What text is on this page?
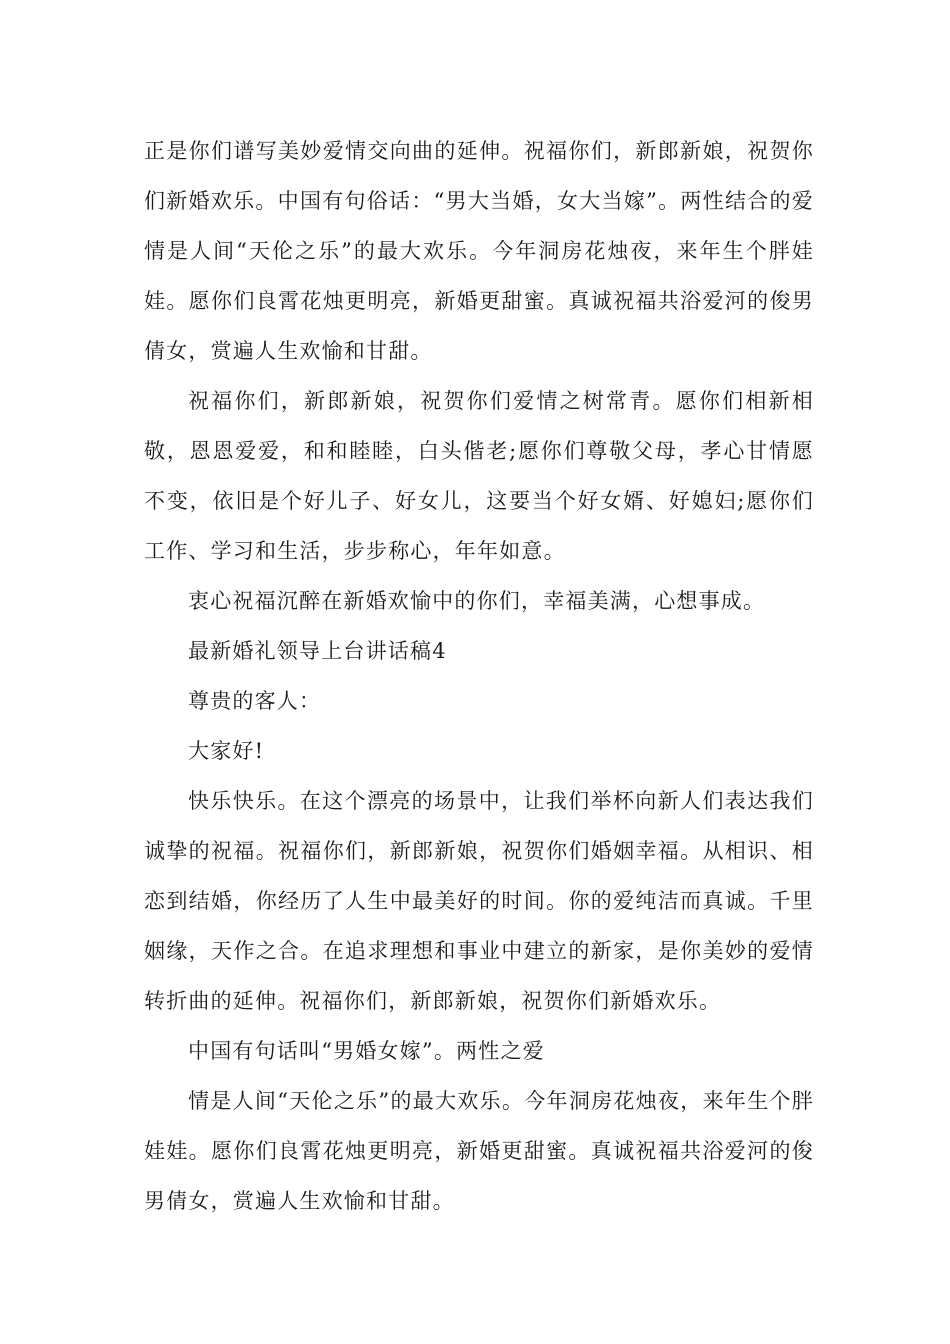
正是你们谱写美妙爱情交向曲的延伸。祝福你们，新郎新娘，祝贺你们新婚欢乐。中国有句俗话：“男大当婚，女大当嫁”。两性结合的爱情是人间“天伦之乐”的最大欢乐。今年洞房花烛夜，来年生个胖娃娃。愿你们良霄花烛更明亮，新婚更甜蜜。真诚祝福共浴爱河的俊男倩女，赏遍人生欢愉和甘甜。

祝福你们，新郎新娘，祝贺你们爱情之树常青。愿你们相新相敬，恩恩爱爱，和和睦睦，白头偕老;愿你们尊敬父母，孝心甘情愿不变，依旧是个好儿子、好女儿，这要当个好女婿、好媳妇;愿你们工作、学习和生活，步步称心，年年如意。

衷心祝福沉醉在新婚欢愉中的你们，幸福美满，心想事成。

最新婚礼领导上台讲话稿4

尊贵的客人：

大家好!

快乐快乐。在这个漂亮的场景中，让我们举杯向新人们表达我们诚挚的祝福。祝福你们，新郎新娘，祝贺你们婚姻幸福。从相识、相恋到结婚，你经历了人生中最美好的时间。你的爱纯洁而真诚。千里姻缘，天作之合。在追求理想和事业中建立的新家，是你美妙的爱情转折曲的延伸。祝福你们，新郎新娘，祝贺你们新婚欢乐。

中国有句话叫“男婚女嫁”。两性之爱

情是人间“天伦之乐”的最大欢乐。今年洞房花烛夜，来年生个胖娃娃。愿你们良霄花烛更明亮，新婚更甜蜜。真诚祝福共浴爱河的俊男倩女，赏遍人生欢愉和甘甜。
